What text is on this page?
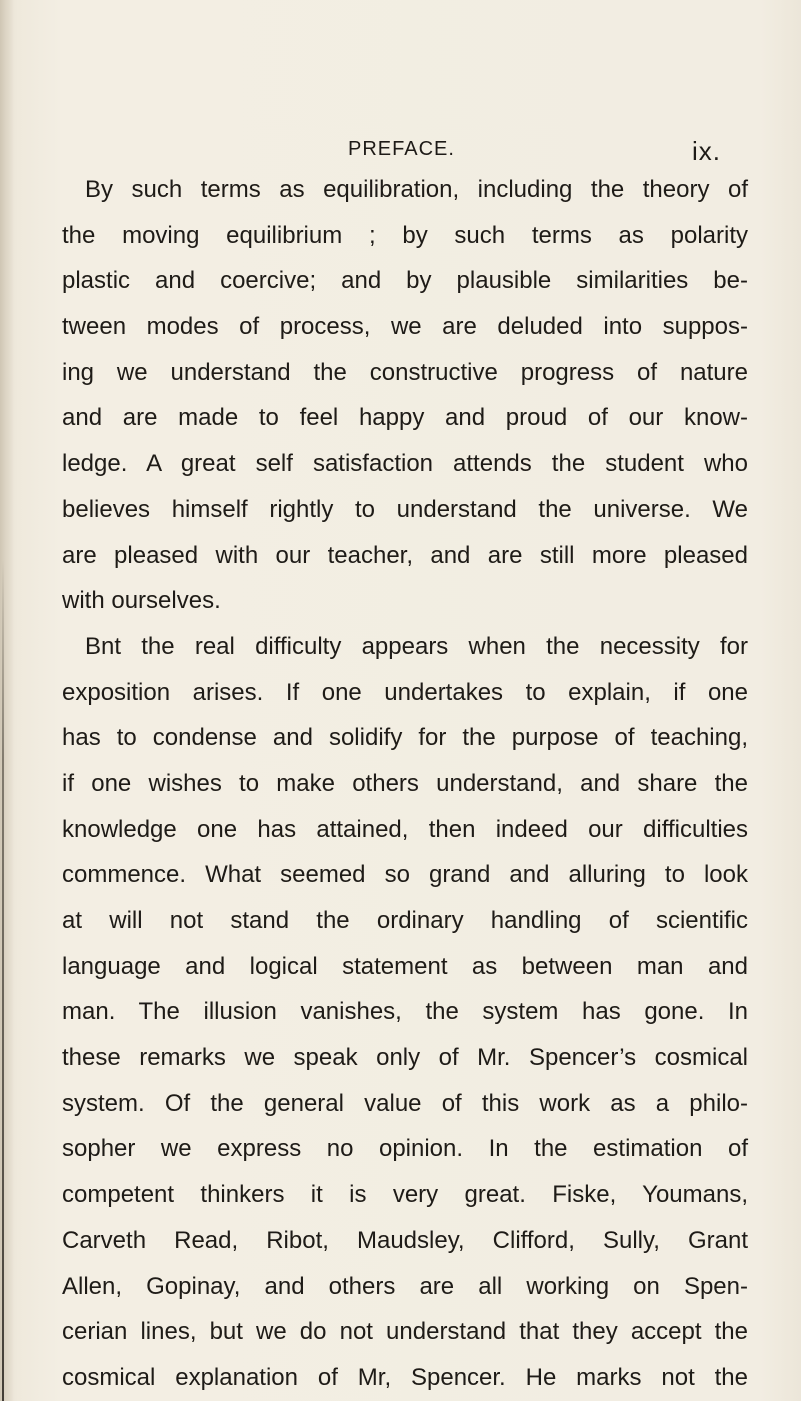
PREFACE.	ix.
By such terms as equilibration, including the theory of
the moving equilibrium ; by such terms as polarity
plastic and coercive; and by plausible similarities be-
tween modes of process, we are deluded into suppos-
ing we understand the constructive progress of nature
and are made to feel happy and proud of our know-
ledge. A great self satisfaction attends the student who
believes himself rightly to understand the universe. We
are pleased with our teacher, and are still more pleased
with ourselves.
Bnt the real difficulty appears when the necessity for
exposition arises. If one undertakes to explain, if one
has to condense and solidify for the purpose of teaching,
if one wishes to make others understand, and share the
knowledge one has attained, then indeed our difficulties
commence. What seemed so grand and alluring to look
at will not stand the ordinary handling of scientific
language and logical statement as between man and
man. The illusion vanishes, the system has gone. In
these remarks we speak only of Mr. Spencer’s cosmical
system. Of the general value of this work as a philo-
sopher we express no opinion. In the estimation of
competent thinkers it is very great. Fiske, Youmans,
Carveth Read, Ribot, Maudsley, Clifford, Sully, Grant
Allen, Gopinay, and others are all working on Spen-
cerian lines, but we do not understand that they accept the
cosmical explanation of Mr, Spencer. He marks not the
